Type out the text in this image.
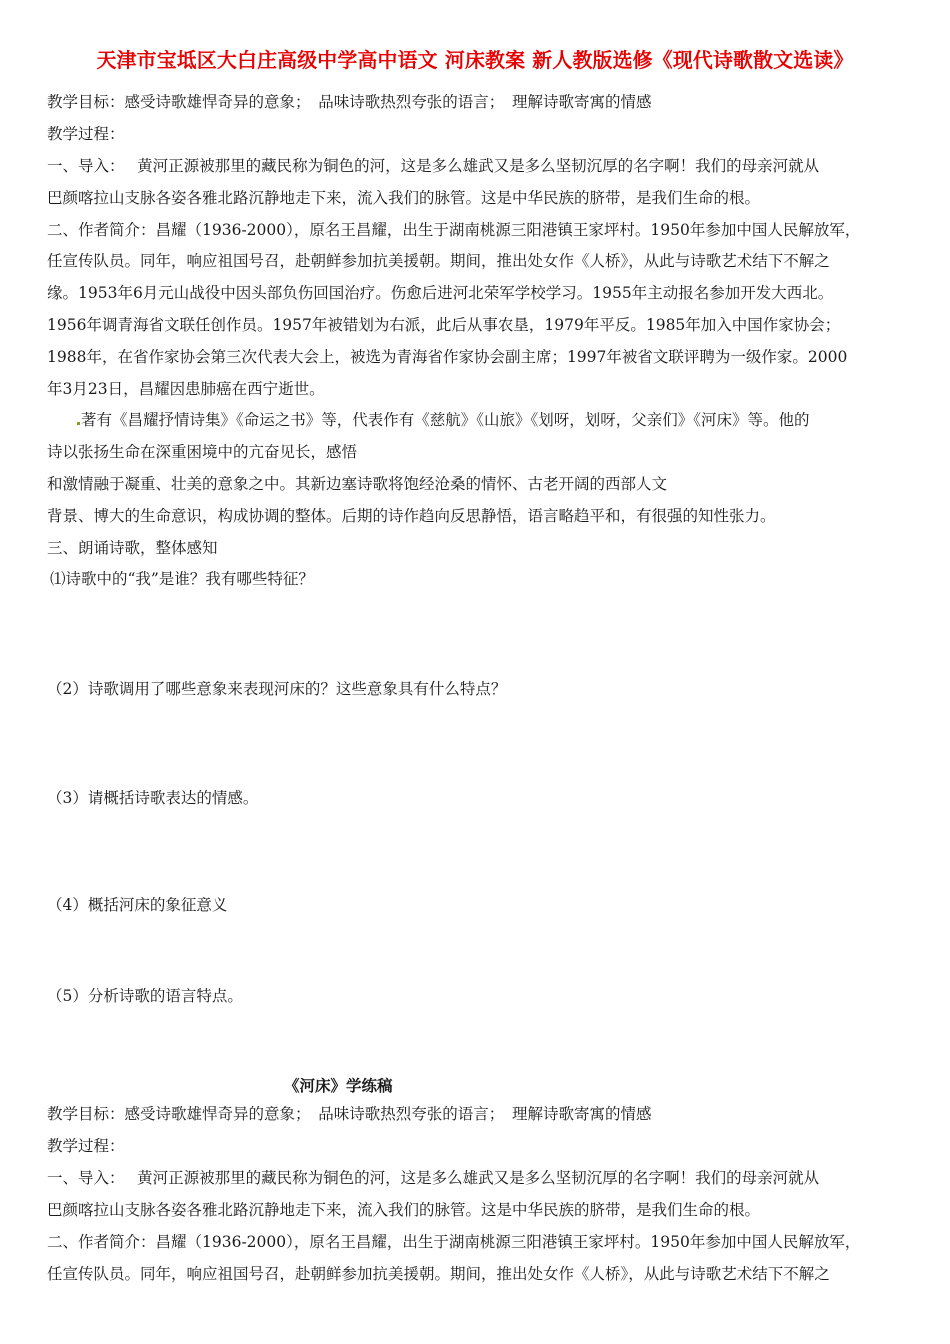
天津市宝坻区大白庄高级中学高中语文 河床教案 新人教版选修《现代诗歌散文选读》
教学目标：感受诗歌雄悍奇异的意象；　品味诗歌热烈夸张的语言；　理解诗歌寄寓的情感
教学过程：
一、导入：　 黄河正源被那里的藏民称为铜色的河，这是多么雄武又是多么坚韧沉厚的名字啊！我们的母亲河就从
巴颜喀拉山支脉各姿各雅北路沉静地走下来，流入我们的脉管。这是中华民族的脐带，是我们生命的根。
二、作者简介：昌耀（1936-2000），原名王昌耀，出生于湖南桃源三阳港镇王家坪村。1950年参加中国人民解放军，
任宣传队员。同年，响应祖国号召，赴朝鲜参加抗美援朝。期间，推出处女作《人桥》，从此与诗歌艺术结下不解之
缘。1953年6月元山战役中因头部负伤回国治疗。伤愈后进河北荣军学校学习。1955年主动报名参加开发大西北。
1956年调青海省文联任创作员。1957年被错划为右派，此后从事农垦，1979年平反。1985年加入中国作家协会；
1988年，在省作家协会第三次代表大会上，被选为青海省作家协会副主席；1997年被省文联评聘为一级作家。2000
年3月23日，昌耀因患肺癌在西宁逝世。
著有《昌耀抒情诗集》《命运之书》等，代表作有《慈航》《山旅》《划呀，划呀，父亲们》《河床》等。他的
诗以张扬生命在深重困境中的亢奋见长，感悟
和激情融于凝重、壮美的意象之中。其新边塞诗歌将饱经沧桑的情怀、古老开阔的西部人文
背景、博大的生命意识，构成协调的整体。后期的诗作趋向反思静悟，语言略趋平和，有很强的知性张力。
三、朗诵诗歌，整体感知
⑴诗歌中的“我”是谁？我有哪些特征？
（2）诗歌调用了哪些意象来表现河床的？这些意象具有什么特点？
（3）请概括诗歌表达的情感。
（4）概括河床的象征意义
（5）分析诗歌的语言特点。
《河床》学练稿
教学目标：感受诗歌雄悍奇异的意象；　品味诗歌热烈夸张的语言；　理解诗歌寄寓的情感
教学过程：
一、导入：　 黄河正源被那里的藏民称为铜色的河，这是多么雄武又是多么坚韧沉厚的名字啊！我们的母亲河就从
巴颜喀拉山支脉各姿各雅北路沉静地走下来，流入我们的脉管。这是中华民族的脐带，是我们生命的根。
二、作者简介：昌耀（1936-2000），原名王昌耀，出生于湖南桃源三阳港镇王家坪村。1950年参加中国人民解放军，
任宣传队员。同年，响应祖国号召，赴朝鲜参加抗美援朝。期间，推出处女作《人桥》，从此与诗歌艺术结下不解之
